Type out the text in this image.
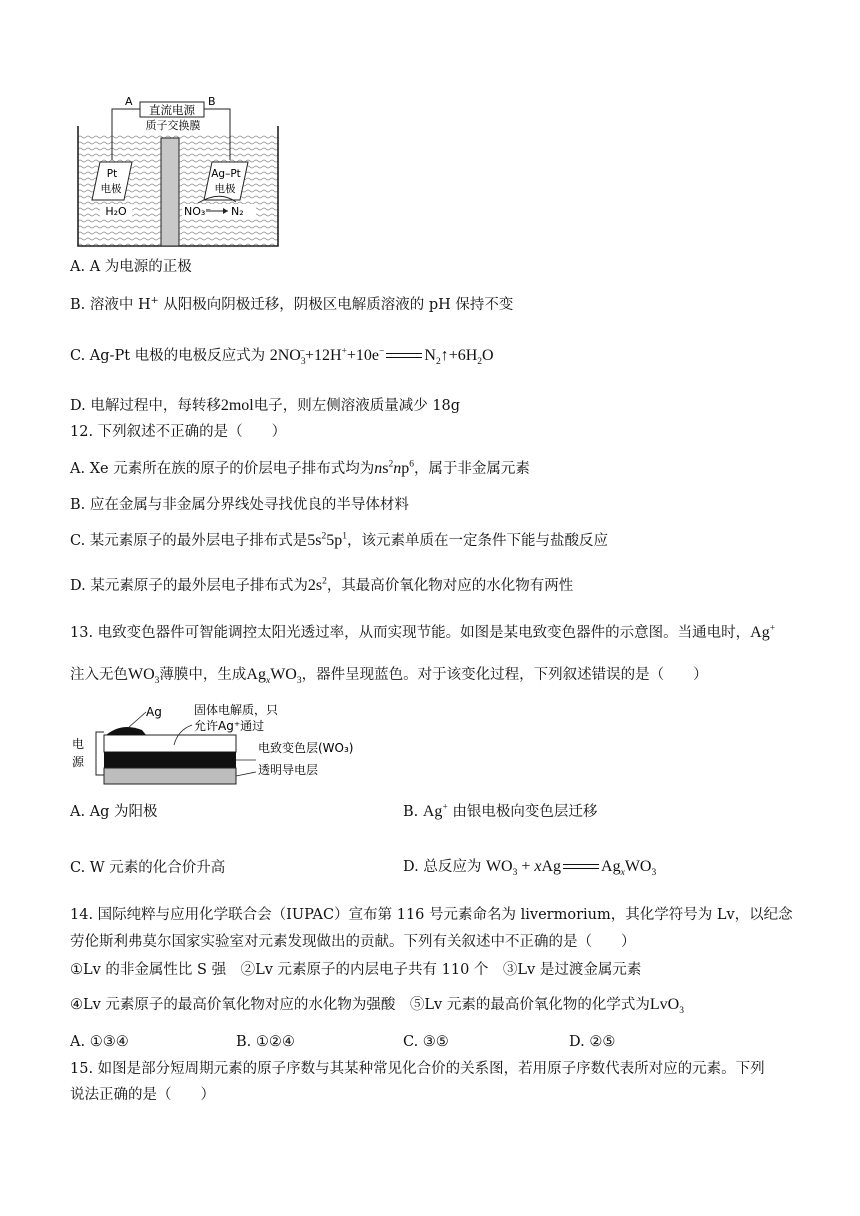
直流电源
A	B
质子交换膜
Pt
电极
Ag–Pt
电极
H₂O	NO₃⁻ N₂
A. A 为电源的正极
B. 溶液中 H+ 从阳极向阴极迁移，阴极区电解质溶液的 pH 保持不变
C. Ag-Pt 电极的电极反应式为 $2NO_3^-+12H^++10e^-$	$N_2↑+6H_2O$
D. 电解过程中，每转移2mol电子，则左侧溶液质量减少 18g
12. 下列叙述不正确的是（　　）
A. Xe 元素所在族的原子的价层电子排布式均为$ns^2np^6$，属于非金属元素
B. 应在金属与非金属分界线处寻找优良的半导体材料
C. 某元素原子的最外层电子排布式是$5s^25p^1$，该元素单质在一定条件下能与盐酸反应
D. 某元素原子的最外层电子排布式为$2s^2$，其最高价氧化物对应的水化物有两性
13. 电致变色器件可智能调控太阳光透过率，从而实现节能。如图是某电致变色器件的示意图。当通电时，Ag+
注入无色$WO_3$薄膜中，生成$Ag_xWO_3$，器件呈现蓝色。对于该变化过程，下列叙述错误的是（　　）
电
源
Ag	固体电解质，只
允许Ag⁺通过
电致变色层(WO₃)
透明导电层
A. Ag 为阳极	B. Ag+ 由银电极向变色层迁移
C. W 元素的化合价升高	D. 总反应为 $WO_3$ + xAg	$Ag_xWO_3$
14. 国际纯粹与应用化学联合会（IUPAC）宣布第 116 号元素命名为 livermorium，其化学符号为 Lv，以纪念
劳伦斯利弗莫尔国家实验室对元素发现做出的贡献。下列有关叙述中不正确的是（　　）
①Lv 的非金属性比 S 强　②Lv 元素原子的内层电子共有 110 个　③Lv 是过渡金属元素
④Lv 元素原子的最高价氧化物对应的水化物为强酸　⑤Lv 元素的最高价氧化物的化学式为LvO$_3$
A. ①③④	B. ①②④	C. ③⑤	D. ②⑤
15. 如图是部分短周期元素的原子序数与其某种常见化合价的关系图，若用原子序数代表所对应的元素。下列
说法正确的是（　　）
